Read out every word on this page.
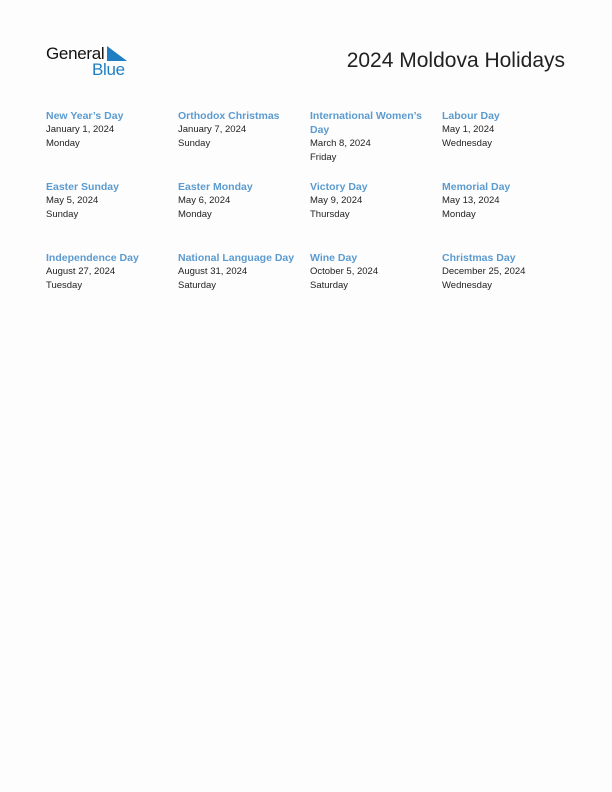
General
Blue	2024 Moldova Holidays
New Year’s Day
January 1, 2024
Monday
Orthodox Christmas
January 7, 2024
Sunday
International Women’s Day
March 8, 2024
Friday
Labour Day
May 1, 2024
Wednesday
Easter Sunday
May 5, 2024
Sunday
Easter Monday
May 6, 2024
Monday
Victory Day
May 9, 2024
Thursday
Memorial Day
May 13, 2024
Monday
Independence Day
August 27, 2024
Tuesday
National Language Day
August 31, 2024
Saturday
Wine Day
October 5, 2024
Saturday
Christmas Day
December 25, 2024
Wednesday
